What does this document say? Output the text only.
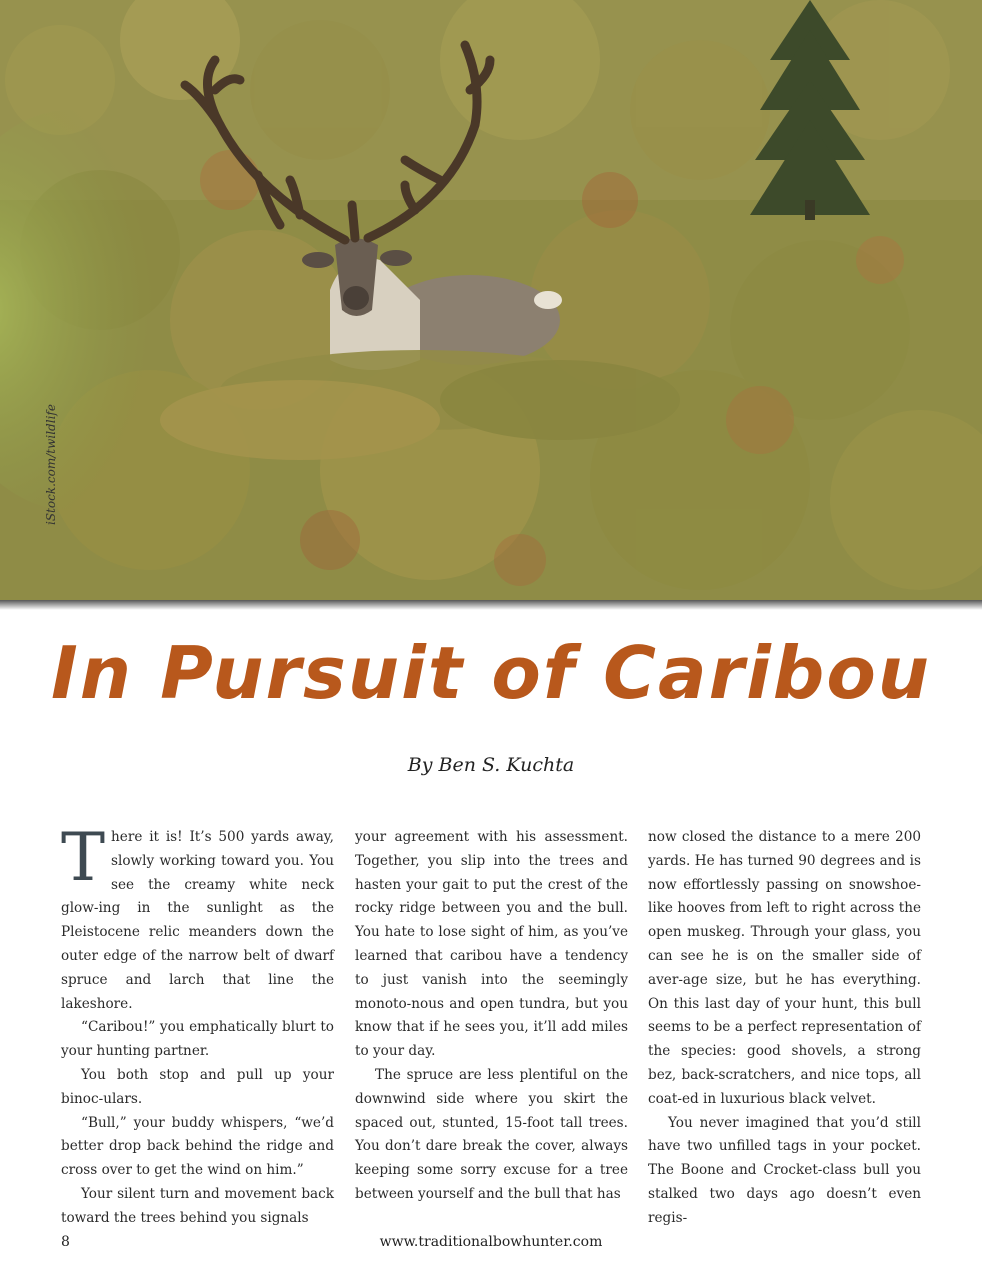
iStock.com/twildlife
In Pursuit of Caribou
By Ben S. Kuchta

There it is! It’s 500 yards away, slowly working toward you. You see the creamy white neck glow-ing in the sunlight as the Pleistocene relic meanders down the outer edge of the narrow belt of dwarf spruce and larch that line the lakeshore.

“Caribou!” you emphatically blurt to your hunting partner.

You both stop and pull up your binoc-ulars.

“Bull,” your buddy whispers, “we’d better drop back behind the ridge and cross over to get the wind on him.”

Your silent turn and movement back toward the trees behind you signals

your agreement with his assessment. Together, you slip into the trees and hasten your gait to put the crest of the rocky ridge between you and the bull. You hate to lose sight of him, as you’ve learned that caribou have a tendency to just vanish into the seemingly monoto-nous and open tundra, but you know that if he sees you, it’ll add miles to your day.

The spruce are less plentiful on the downwind side where you skirt the spaced out, stunted, 15-foot tall trees. You don’t dare break the cover, always keeping some sorry excuse for a tree between yourself and the bull that has

now closed the distance to a mere 200 yards. He has turned 90 degrees and is now effortlessly passing on snowshoe-like hooves from left to right across the open muskeg. Through your glass, you can see he is on the smaller side of aver-age size, but he has everything. On this last day of your hunt, this bull seems to be a perfect representation of the species: good shovels, a strong bez, back-scratchers, and nice tops, all coat-ed in luxurious black velvet.

You never imagined that you’d still have two unfilled tags in your pocket. The Boone and Crocket-class bull you stalked two days ago doesn’t even regis-

8	www.traditionalbowhunter.com
